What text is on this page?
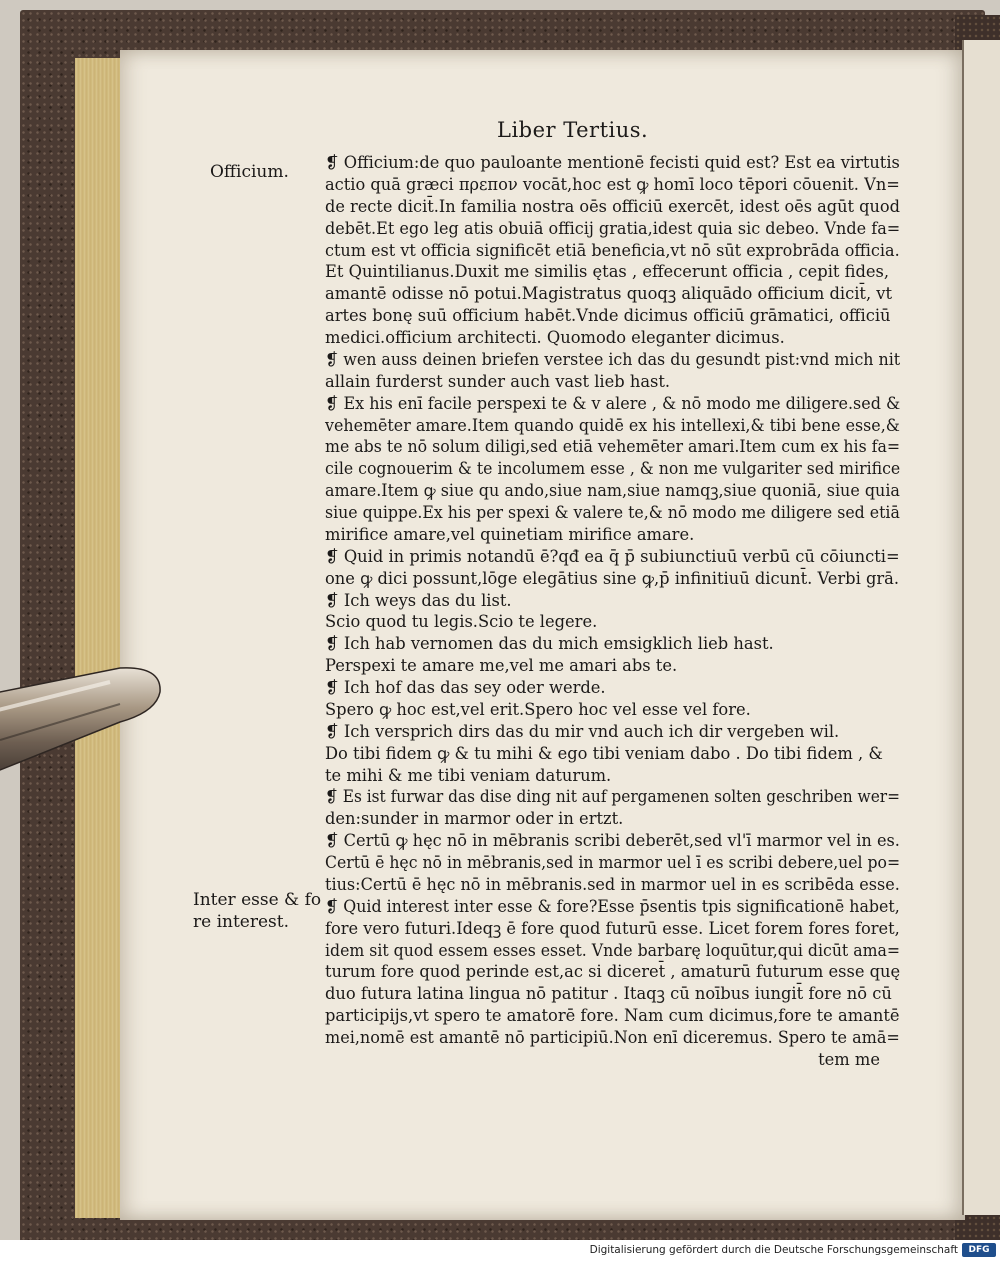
Liber Tertius.
Officium.
Inter esse & fo
re interest.
❡ Officium:de quo pauloante mentionē fecisti quid est? Est ea virtutis
actio quā græci πρεπον vocāt,hoc est ꝙ homī loco tēpori cōuenit. Vn=
de recte dicit̄.In familia nostra oēs officiū exercēt, idest oēs agūt quod
debēt.Et ego leg atis obuiā officij gratia,idest quia sic debeo. Vnde fa=
ctum est vt officia significēt etiā beneficia,vt nō sūt exprobrāda officia.
Et Quintilianus.Duxit me similis ętas , effecerunt officia , cepit fides,
amantē odisse nō potui.Magistratus quoqꝫ aliquādo officium dicit̄, vt
artes bonę suū officium habēt.Vnde dicimus officiū grāmatici, officiū
medici.officium architecti. Quomodo eleganter dicimus.
❡ wen auss deinen briefen verstee ich das du gesundt pist:vnd mich nit
allain furderst sunder auch vast lieb hast.
❡ Ex his enī facile perspexi te & v alere , & nō modo me diligere.sed &
vehemēter amare.Item quando quidē ex his intellexi,& tibi bene esse,&
me abs te nō solum diligi,sed etiā vehemēter amari.Item cum ex his fa=
cile cognouerim & te incolumem esse , & non me vulgariter sed mirifice
amare.Item ꝙ siue qu ando,siue nam,siue namqꝫ,siue quoniā, siue quia
siue quippe.Ex his per spexi & valere te,& nō modo me diligere sed etiā
mirifice amare,vel quinetiam mirifice amare.
❡ Quid in primis notandū ē?qđ ea q̄ p̄ subiunctiuū verbū cū cōiuncti=
one ꝙ dici possunt,lōge elegātius sine ꝙ,p̄ infinitiuū dicunt̄. Verbi grā.
❡ Ich weys das du list.
Scio quod tu legis.Scio te legere.
❡ Ich hab vernomen das du mich emsigklich lieb hast.
Perspexi te amare me,vel me amari abs te.
❡ Ich hof das das sey oder werde.
Spero ꝙ hoc est,vel erit.Spero hoc vel esse vel fore.
❡ Ich versprich dirs das du mir vnd auch ich dir vergeben wil.
Do tibi fidem ꝙ & tu mihi & ego tibi veniam dabo . Do tibi fidem , &
te mihi & me tibi veniam daturum.
❡ Es ist furwar das dise ding nit auf pergamenen solten geschriben wer=
den:sunder in marmor oder in ertzt.
❡ Certū ꝙ hęc nō in mēbranis scribi deberēt,sed vl'ī marmor vel in es.
Certū ē hęc nō in mēbranis,sed in marmor uel ī es scribi debere,uel po=
tius:Certū ē hęc nō in mēbranis.sed in marmor uel in es scribēda esse.
❡ Quid interest inter esse & fore?Esse p̄sentis tpis significationē habet,
fore vero futuri.Ideqꝫ ē fore quod futurū esse. Licet forem fores foret,
idem sit quod essem esses esset. Vnde barbarę loquūtur,qui dicūt ama=
turum fore quod perinde est,ac si diceret̄ , amaturū futurum esse quę
duo futura latina lingua nō patitur . Itaqꝫ cū noībus iungit̄ fore nō cū
participijs,vt spero te amatorē fore. Nam cum dicimus,fore te amantē
mei,nomē est amantē nō participiū.Non enī diceremus. Spero te amā=
tem me
Digitalisierung gefördert durch die Deutsche Forschungsgemeinschaft	DFG
